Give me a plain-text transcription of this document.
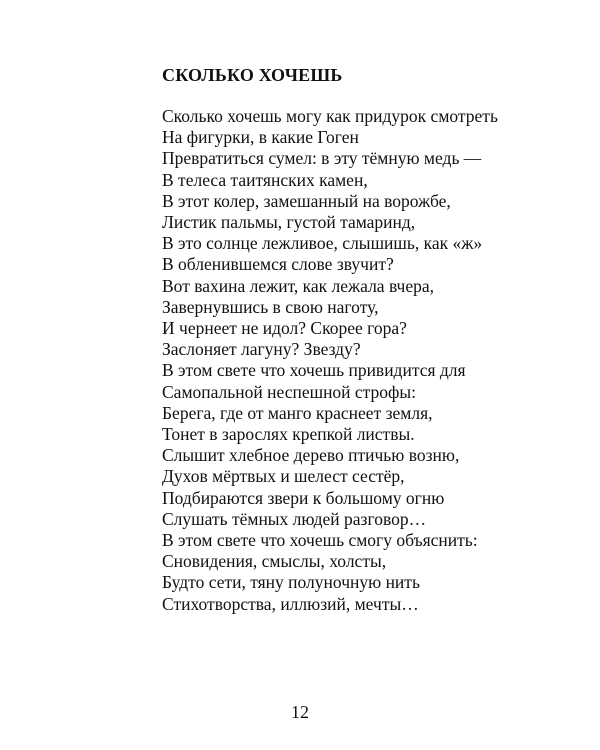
СКОЛЬКО ХОЧЕШЬ
Сколько хочешь могу как придурок смотреть
На фигурки, в какие Гоген
Превратиться сумел: в эту тёмную медь —
В телеса таитянских камен,
В этот колер, замешанный на ворожбе,
Листик пальмы, густой тамаринд,
В это солнце лежливое, слышишь, как «ж»
В обленившемся слове звучит?
Вот вахина лежит, как лежала вчера,
Завернувшись в свою наготу,
И чернеет не идол? Скорее гора?
Заслоняет лагуну? Звезду?
В этом свете что хочешь привидится для
Самопальной неспешной строфы:
Берега, где от манго краснеет земля,
Тонет в зарослях крепкой листвы.
Слышит хлебное дерево птичью возню,
Духов мёртвых и шелест сестёр,
Подбираются звери к большому огню
Слушать тёмных людей разговор…
В этом свете что хочешь смогу объяснить:
Сновидения, смыслы, холсты,
Будто сети, тяну полуночную нить
Стихотворства, иллюзий, мечты…
12
